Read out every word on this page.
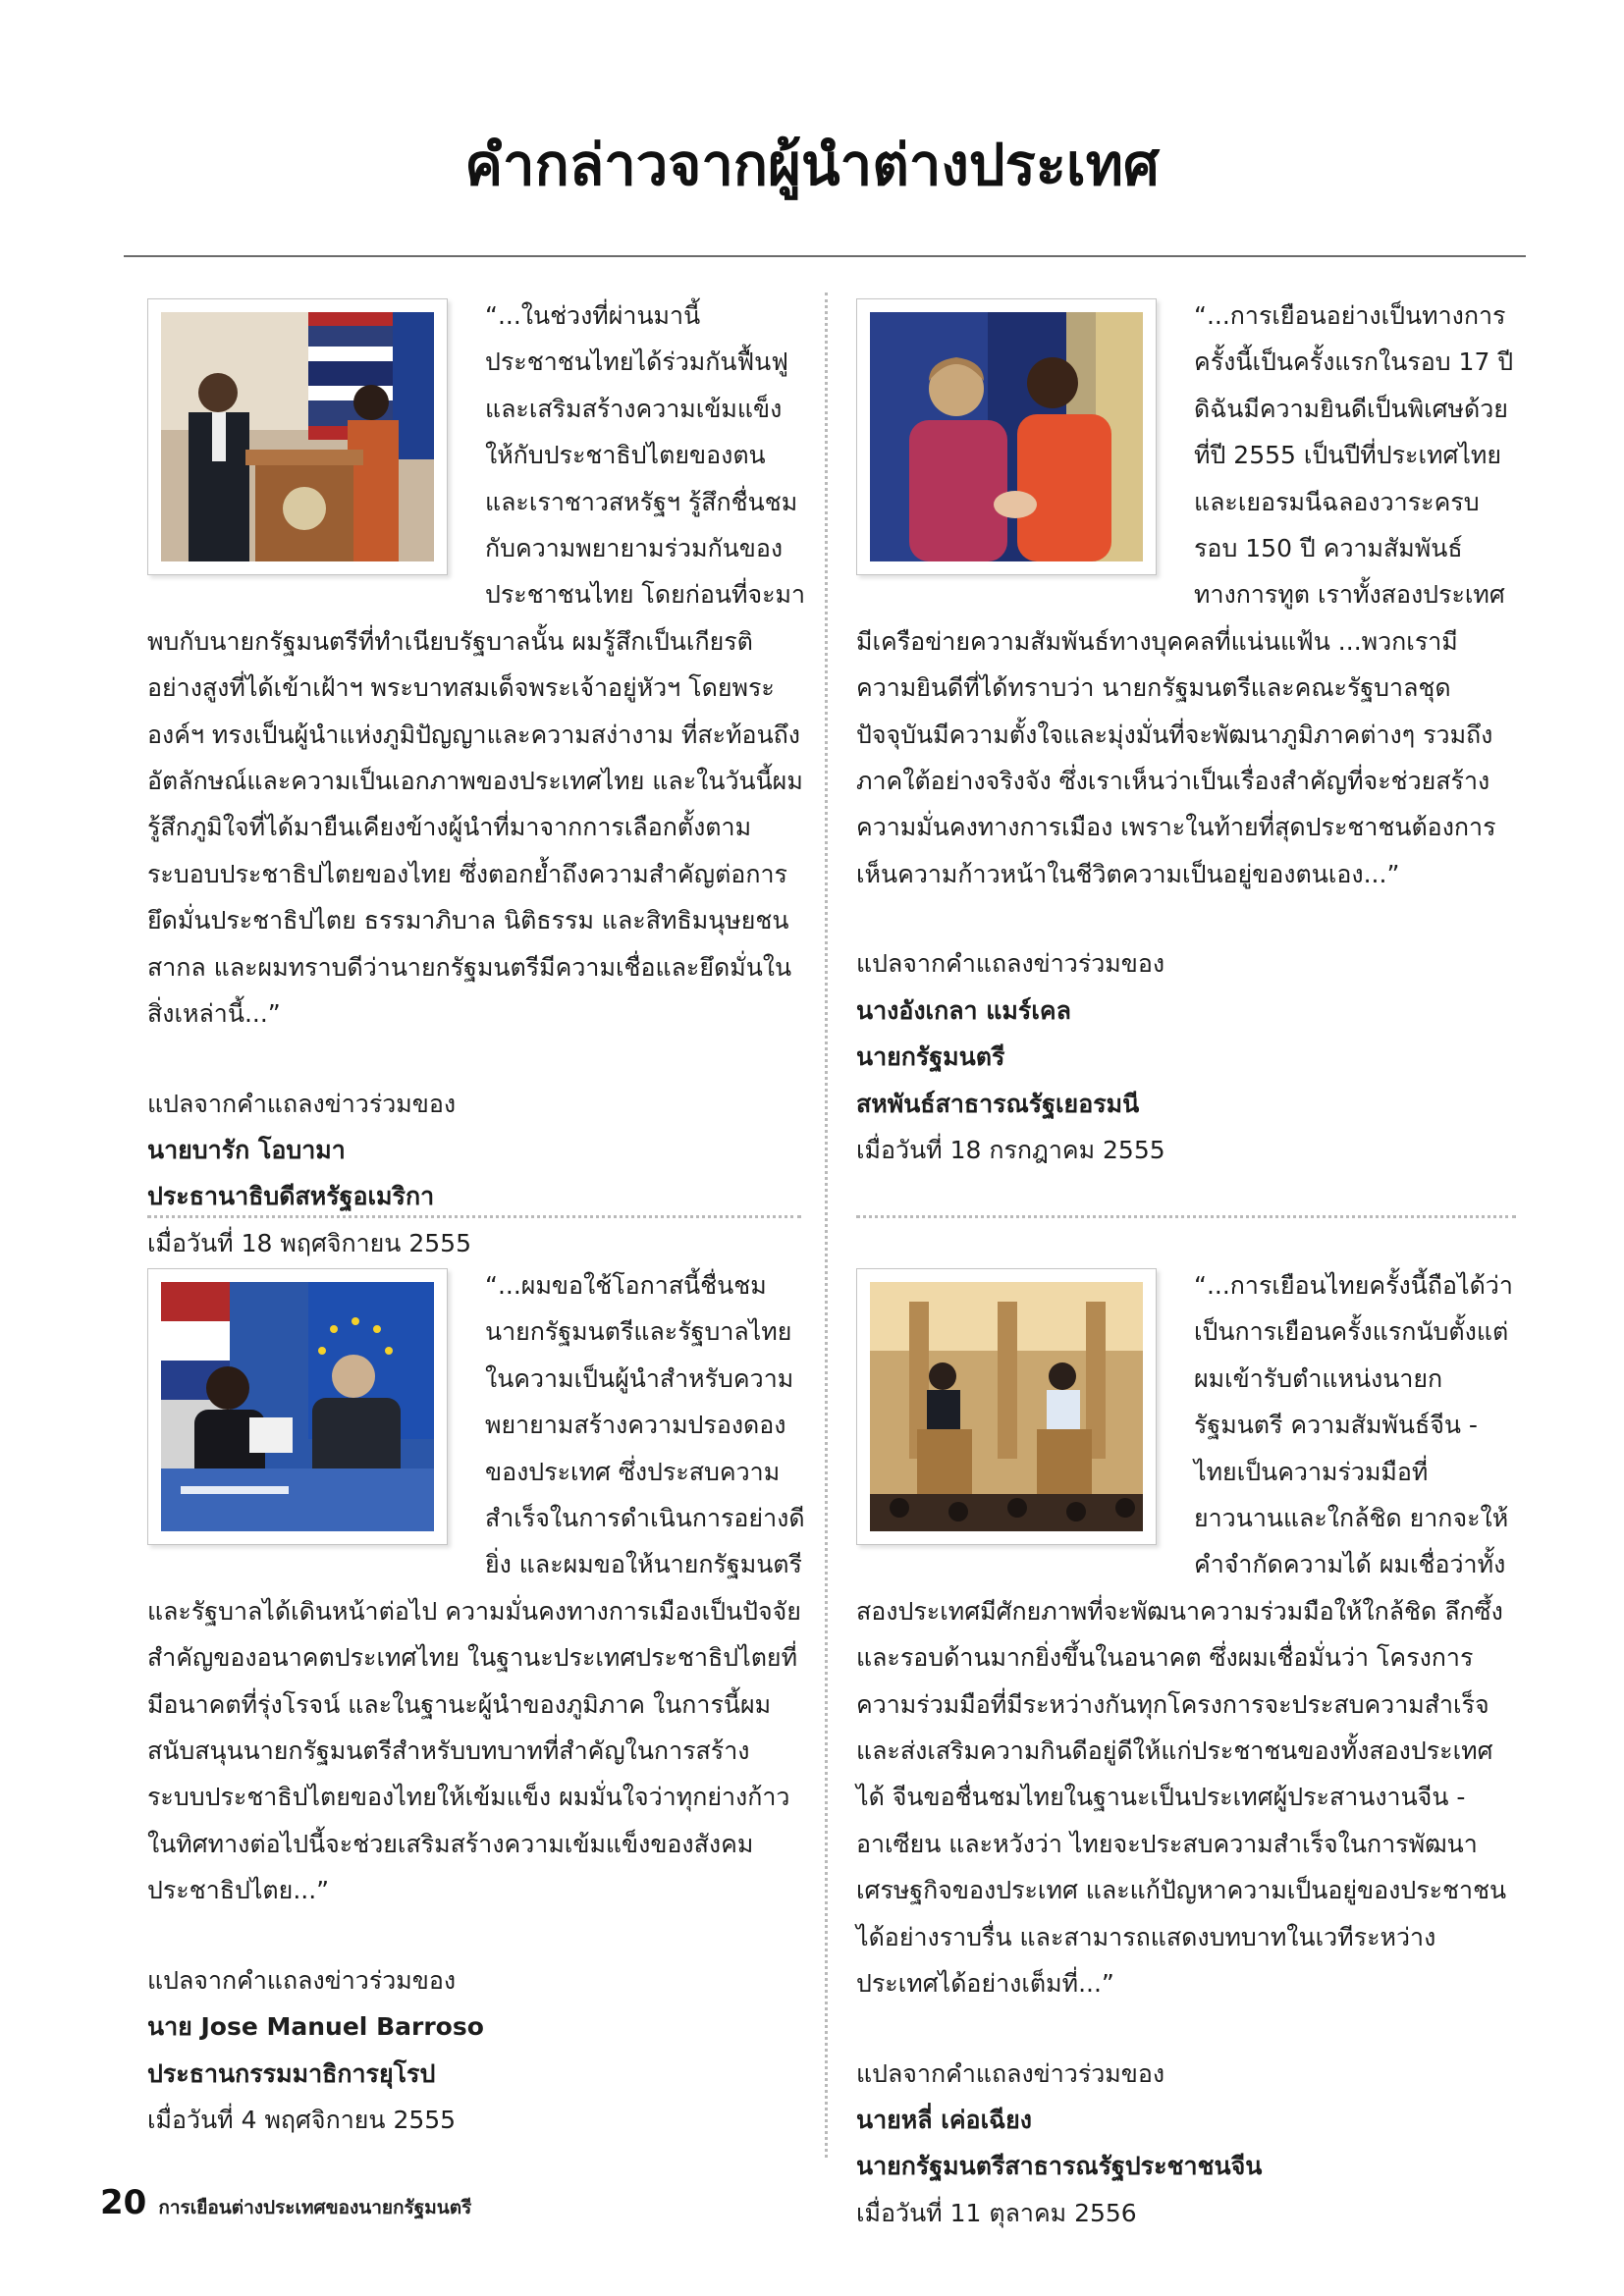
คำกล่าวจากผู้นำต่างประเทศ

“...ในช่วงที่ผ่านมานี้ ประชาชนไทยได้ร่วมกันฟื้นฟูและเสริมสร้างความเข้มแข็งให้กับประชาธิปไตยของตน และเราชาวสหรัฐฯ รู้สึกชื่นชมกับความพยายามร่วมกันของประชาชนไทย โดยก่อนที่จะมาพบกับนายกรัฐมนตรีที่ทำเนียบรัฐบาลนั้น ผมรู้สึกเป็นเกียรติอย่างสูงที่ได้เข้าเฝ้าฯ พระบาทสมเด็จพระเจ้าอยู่หัวฯ โดยพระองค์ฯ ทรงเป็นผู้นำแห่งภูมิปัญญาและความสง่างาม ที่สะท้อนถึงอัตลักษณ์และความเป็นเอกภาพของประเทศไทย และในวันนี้ผมรู้สึกภูมิใจที่ได้มายืนเคียงข้างผู้นำที่มาจากการเลือกตั้งตามระบอบประชาธิปไตยของไทย ซึ่งตอกย้ำถึงความสำคัญต่อการยึดมั่นประชาธิปไตย ธรรมาภิบาล นิติธรรม และสิทธิมนุษยชนสากล และผมทราบดีว่านายกรัฐมนตรีมีความเชื่อและยึดมั่นในสิ่งเหล่านี้...”

แปลจากคำแถลงข่าวร่วมของ
นายบารัก โอบามา
ประธานาธิบดีสหรัฐอเมริกา
เมื่อวันที่ 18 พฤศจิกายน 2555

“...การเยือนอย่างเป็นทางการครั้งนี้เป็นครั้งแรกในรอบ 17 ปี ดิฉันมีความยินดีเป็นพิเศษด้วยที่ปี 2555 เป็นปีที่ประเทศไทยและเยอรมนีฉลองวาระครบรอบ 150 ปี ความสัมพันธ์ทางการทูต เราทั้งสองประเทศมีเครือข่ายความสัมพันธ์ทางบุคคลที่แน่นแฟ้น ...พวกเรามีความยินดีที่ได้ทราบว่า นายกรัฐมนตรีและคณะรัฐบาลชุดปัจจุบันมีความตั้งใจและมุ่งมั่นที่จะพัฒนาภูมิภาคต่างๆ รวมถึง ภาคใต้อย่างจริงจัง ซึ่งเราเห็นว่าเป็นเรื่องสำคัญที่จะช่วยสร้างความมั่นคงทางการเมือง เพราะในท้ายที่สุดประชาชนต้องการเห็นความก้าวหน้าในชีวิตความเป็นอยู่ของตนเอง...”

แปลจากคำแถลงข่าวร่วมของ
นางอังเกลา แมร์เคล
นายกรัฐมนตรี
สหพันธ์สาธารณรัฐเยอรมนี
เมื่อวันที่ 18 กรกฎาคม 2555

“...ผมขอใช้โอกาสนี้ชื่นชมนายกรัฐมนตรีและรัฐบาลไทยในความเป็นผู้นำสำหรับความพยายามสร้างความปรองดองของประเทศ ซึ่งประสบความสำเร็จในการดำเนินการอย่างดียิ่ง และผมขอให้นายกรัฐมนตรีและรัฐบาลได้เดินหน้าต่อไป ความมั่นคงทางการเมืองเป็นปัจจัยสำคัญของอนาคตประเทศไทย ในฐานะประเทศประชาธิปไตยที่มีอนาคตที่รุ่งโรจน์ และในฐานะผู้นำของภูมิภาค ในการนี้ผมสนับสนุนนายกรัฐมนตรีสำหรับบทบาทที่สำคัญในการสร้างระบบประชาธิปไตยของไทยให้เข้มแข็ง ผมมั่นใจว่าทุกย่างก้าวในทิศทางต่อไปนี้จะช่วยเสริมสร้างความเข้มแข็งของสังคมประชาธิปไตย...”

แปลจากคำแถลงข่าวร่วมของ
นาย Jose Manuel Barroso
ประธานกรรมมาธิการยุโรป
เมื่อวันที่ 4 พฤศจิกายน 2555

“...การเยือนไทยครั้งนี้ถือได้ว่าเป็นการเยือนครั้งแรกนับตั้งแต่ผมเข้ารับตำแหน่งนายกรัฐมนตรี ความสัมพันธ์จีน - ไทยเป็นความร่วมมือที่ยาวนานและใกล้ชิด ยากจะให้คำจำกัดความได้ ผมเชื่อว่าทั้งสองประเทศมีศักยภาพที่จะพัฒนาความร่วมมือให้ใกล้ชิด ลึกซึ้ง และรอบด้านมากยิ่งขึ้นในอนาคต ซึ่งผมเชื่อมั่นว่า โครงการความร่วมมือที่มีระหว่างกันทุกโครงการจะประสบความสำเร็จ และส่งเสริมความกินดีอยู่ดีให้แก่ประชาชนของทั้งสองประเทศได้ จีนขอชื่นชมไทยในฐานะเป็นประเทศผู้ประสานงานจีน - อาเซียน และหวังว่า ไทยจะประสบความสำเร็จในการพัฒนาเศรษฐกิจของประเทศ และแก้ปัญหาความเป็นอยู่ของประชาชนได้อย่างราบรื่น และสามารถแสดงบทบาทในเวทีระหว่างประเทศได้อย่างเต็มที่...”

แปลจากคำแถลงข่าวร่วมของ
นายหลี่ เค่อเฉียง
นายกรัฐมนตรีสาธารณรัฐประชาชนจีน
เมื่อวันที่ 11 ตุลาคม 2556
20 การเยือนต่างประเทศของนายกรัฐมนตรี
